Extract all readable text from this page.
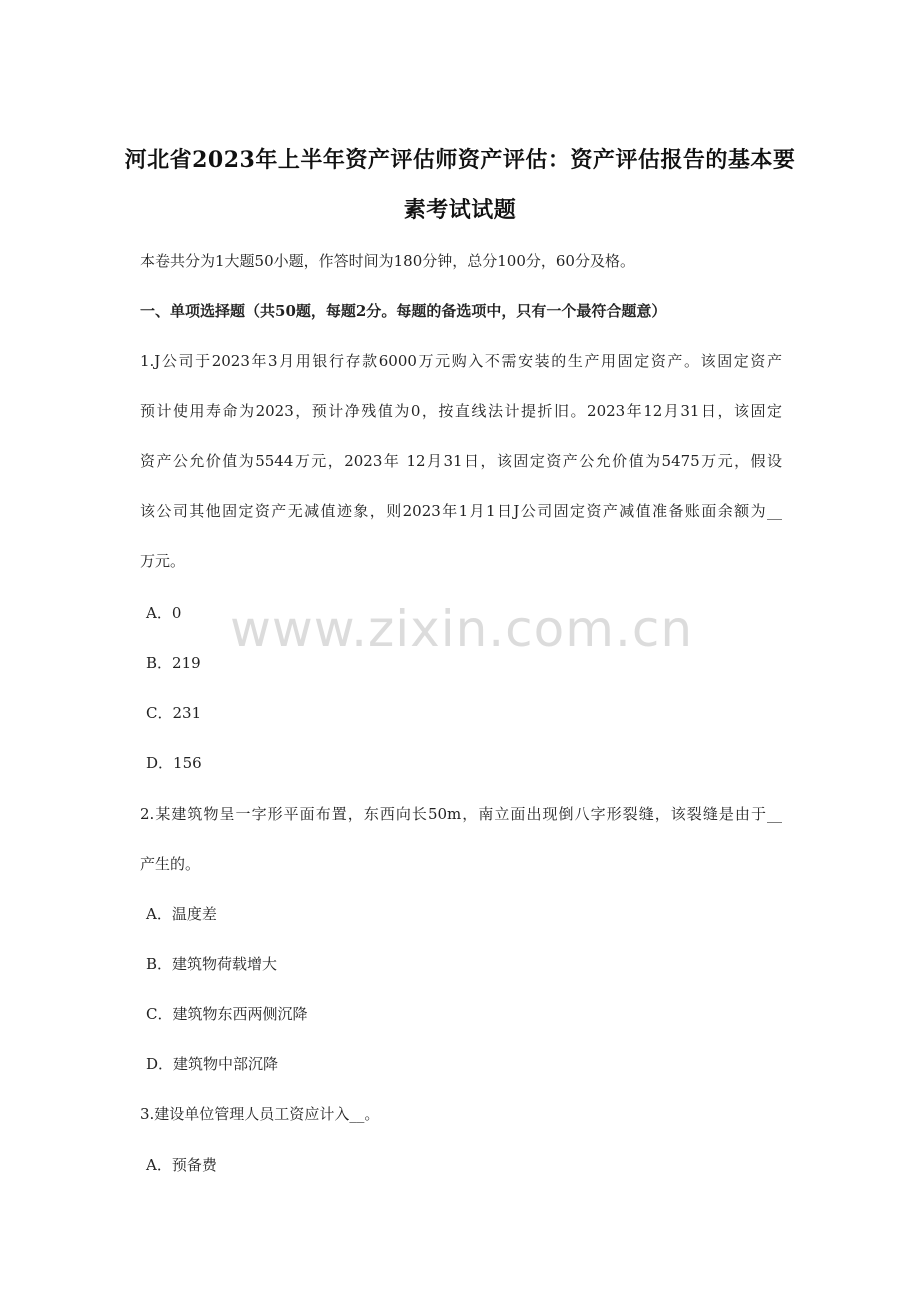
www.zixin.com.cn
河北省2023年上半年资产评估师资产评估：资产评估报告的基本要
素考试试题
本卷共分为1大题50小题，作答时间为180分钟，总分100分，60分及格。
一、单项选择题（共50题，每题2分。每题的备选项中，只有一个最符合题意）
1.J公司于2023年3月用银行存款6000万元购入不需安装的生产用固定资产。该固定资产
预计使用寿命为2023，预计净残值为0，按直线法计提折旧。2023年12月31日，该固定
资产公允价值为5544万元，2023年 12月31日，该固定资产公允价值为5475万元，假设
该公司其他固定资产无减值迹象，则2023年1月1日J公司固定资产减值准备账面余额为__
万元。
A．0
B．219
C．231
D．156
2.某建筑物呈一字形平面布置，东西向长50m，南立面出现倒八字形裂缝，该裂缝是由于__
产生的。
A．温度差
B．建筑物荷载增大
C．建筑物东西两侧沉降
D．建筑物中部沉降
3.建设单位管理人员工资应计入__。
A．预备费
